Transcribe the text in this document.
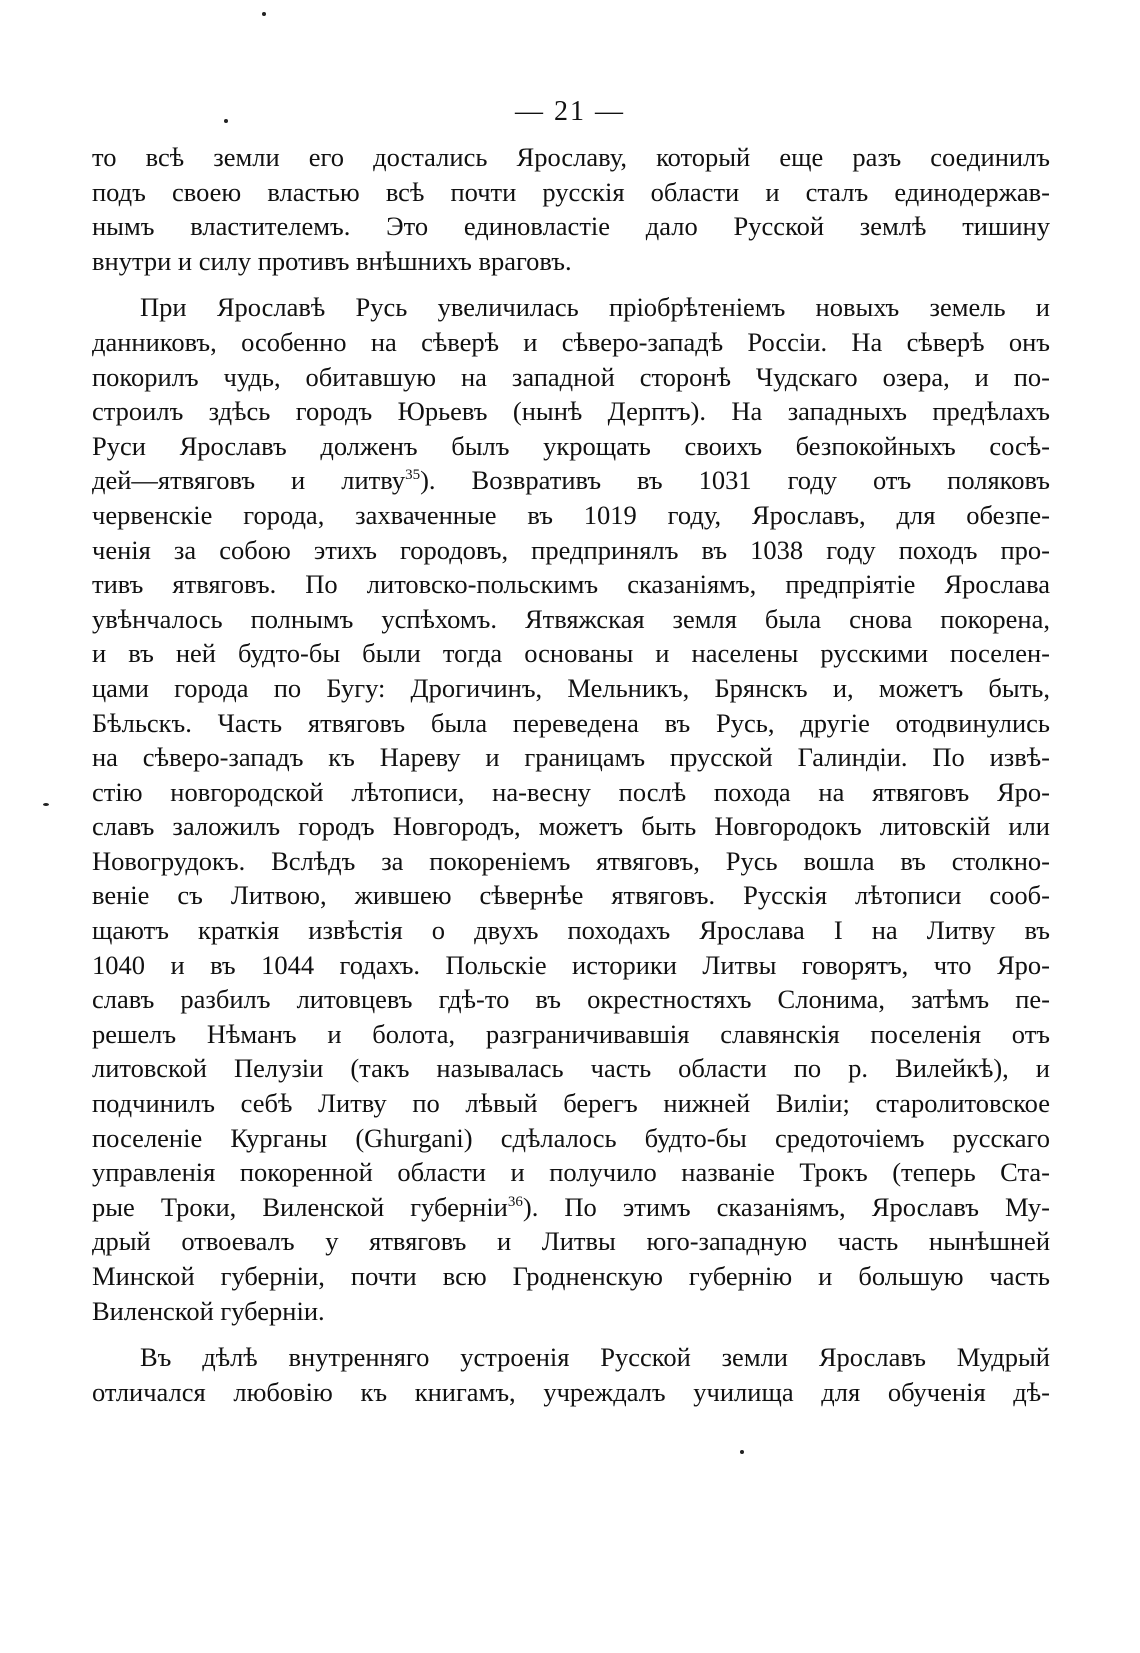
— 21 —
то всѣ земли его достались Ярославу, который еще разъ соединилъ
подъ своею властью всѣ почти русскія области и сталъ единодержав-
нымъ властителемъ. Это единовластіе дало Русской землѣ тишину
внутри и силу противъ внѣшнихъ враговъ.
При Ярославѣ Русь увеличилась пріобрѣтеніемъ новыхъ земель и
данниковъ, особенно на сѣверѣ и сѣверо-западѣ Россіи. На сѣверѣ онъ
покорилъ чудь, обитавшую на западной сторонѣ Чудскаго озера, и по-
строилъ здѣсь городъ Юрьевъ (нынѣ Дерптъ). На западныхъ предѣлахъ
Руси Ярославъ долженъ былъ укрощать своихъ безпокойныхъ сосѣ-
дей—ятвяговъ и литву$^{35}$). Возвративъ въ 1031 году отъ поляковъ
червенскіе города, захваченные въ 1019 году, Ярославъ, для обезпе-
ченія за собою этихъ городовъ, предпринялъ въ 1038 году походъ про-
тивъ ятвяговъ. По литовско-польскимъ сказаніямъ, предпріятіе Ярослава
увѣнчалось полнымъ успѣхомъ. Ятвяжская земля была снова покорена,
и въ ней будто-бы были тогда основаны и населены русскими поселен-
цами города по Бугу: Дрогичинъ, Мельникъ, Брянскъ и, можетъ быть,
Бѣльскъ. Часть ятвяговъ была переведена въ Русь, другіе отодвинулись
на сѣверо-западъ къ Нареву и границамъ прусской Галиндіи. По извѣ-
стію новгородской лѣтописи, на-весну послѣ похода на ятвяговъ Яро-
славъ заложилъ городъ Новгородъ, можетъ быть Новгородокъ литовскій или
Новогрудокъ. Вслѣдъ за покореніемъ ятвяговъ, Русь вошла въ столкно-
веніе съ Литвою, жившею сѣвернѣе ятвяговъ. Русскія лѣтописи сооб-
щаютъ краткія извѣстія о двухъ походахъ Ярослава I на Литву въ
1040 и въ 1044 годахъ. Польскіе историки Литвы говорятъ, что Яро-
славъ разбилъ литовцевъ гдѣ-то въ окрестностяхъ Слонима, затѣмъ пе-
решелъ Нѣманъ и болота, разграничивавшія славянскія поселенія отъ
литовской Пелузіи (такъ называлась часть области по р. Вилейкѣ), и
подчинилъ себѣ Литву по лѣвый берегъ нижней Виліи; старолитовское
поселеніе Курганы (Ghurgani) сдѣлалось будто-бы средоточіемъ русскаго
управленія покоренной области и получило названіе Трокъ (теперь Ста-
рые Троки, Виленской губерніи$^{36}$). По этимъ сказаніямъ, Ярославъ Му-
дрый отвоевалъ у ятвяговъ и Литвы юго-западную часть нынѣшней
Минской губерніи, почти всю Гродненскую губернію и большую часть
Виленской губерніи.
Въ дѣлѣ внутренняго устроенія Русской земли Ярославъ Мудрый
отличался любовію къ книгамъ, учреждалъ училища для обученія дѣ-
